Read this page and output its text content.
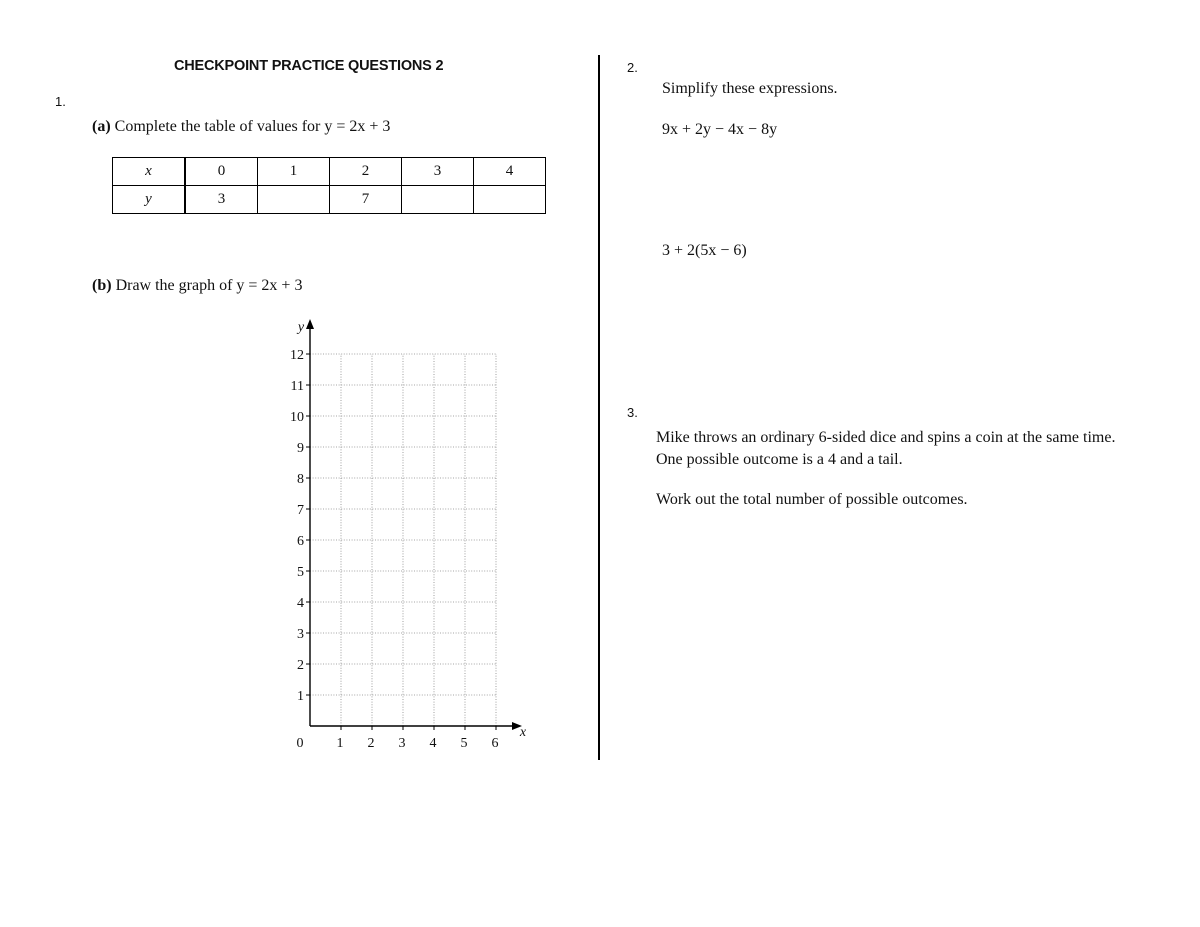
CHECKPOINT PRACTICE QUESTIONS 2
1.
(a) Complete the table of values for y = 2x + 3
x	0	1	2	3	4
y	3		7		
(b) Draw the graph of y = 2x + 3
1
2
3
4
5
6
7
8
9
10
11
12
1 2 3 4 5 6
0
x
y
2.
Simplify these expressions.
9x + 2y − 4x − 8y
3 + 2(5x − 6)
3.
Mike throws an ordinary 6-sided dice and spins a coin at the same time.
One possible outcome is a 4 and a tail.
Work out the total number of possible outcomes.
